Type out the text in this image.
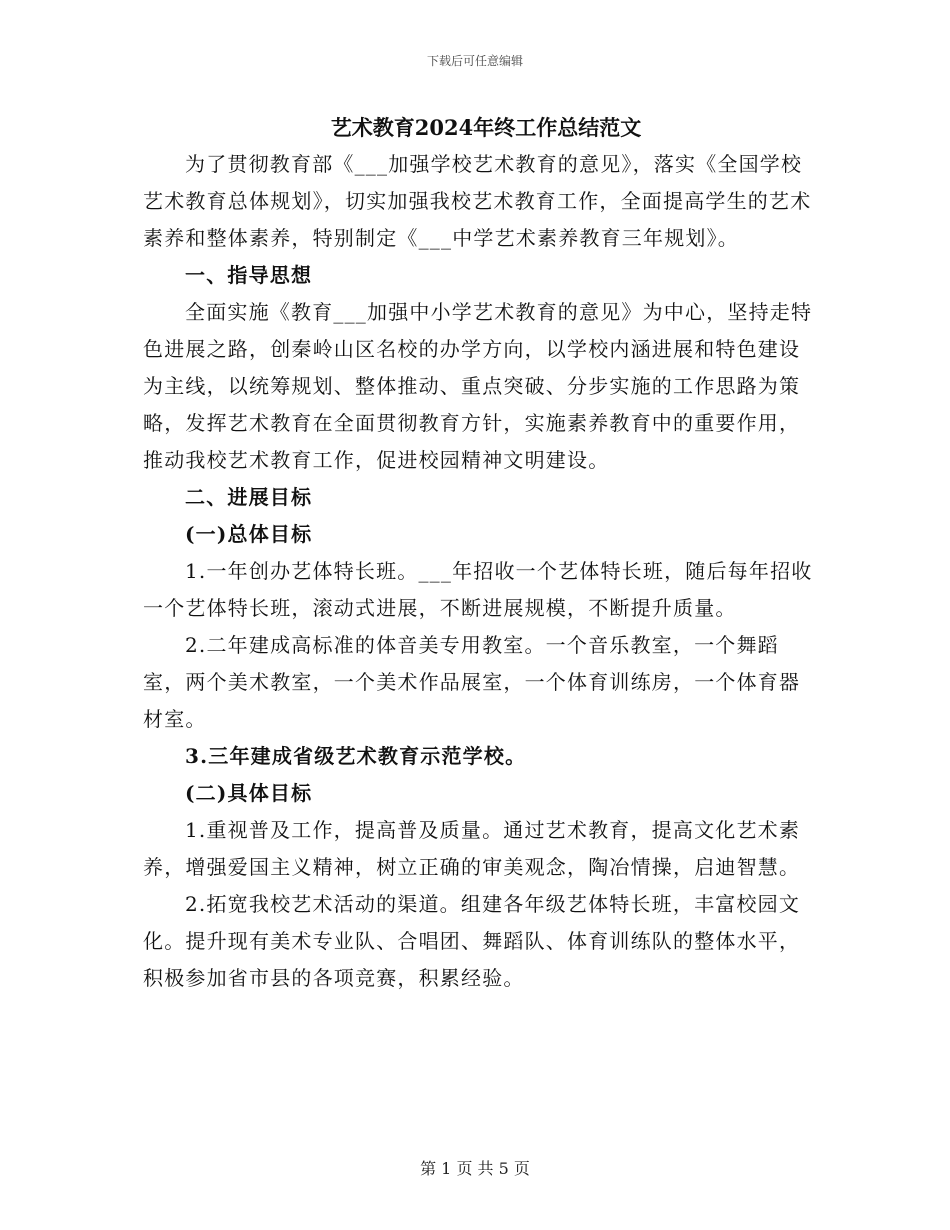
下载后可任意编辑
艺术教育2024年终工作总结范文

为了贯彻教育部《___加强学校艺术教育的意见》，落实《全国学校艺术教育总体规划》，切实加强我校艺术教育工作，全面提高学生的艺术素养和整体素养，特别制定《___中学艺术素养教育三年规划》。

一、指导思想

全面实施《教育___加强中小学艺术教育的意见》为中心，坚持走特色进展之路，创秦岭山区名校的办学方向，以学校内涵进展和特色建设为主线，以统筹规划、整体推动、重点突破、分步实施的工作思路为策略，发挥艺术教育在全面贯彻教育方针，实施素养教育中的重要作用，推动我校艺术教育工作，促进校园精神文明建设。

二、进展目标

(一)总体目标

1.一年创办艺体特长班。___年招收一个艺体特长班，随后每年招收一个艺体特长班，滚动式进展，不断进展规模，不断提升质量。

2.二年建成高标准的体音美专用教室。一个音乐教室，一个舞蹈室，两个美术教室，一个美术作品展室，一个体育训练房，一个体育器材室。

3.三年建成省级艺术教育示范学校。

(二)具体目标

1.重视普及工作，提高普及质量。通过艺术教育，提高文化艺术素养，增强爱国主义精神，树立正确的审美观念，陶冶情操，启迪智慧。

2.拓宽我校艺术活动的渠道。组建各年级艺体特长班，丰富校园文化。提升现有美术专业队、合唱团、舞蹈队、体育训练队的整体水平，积极参加省市县的各项竞赛，积累经验。

第 1 页 共 5 页
